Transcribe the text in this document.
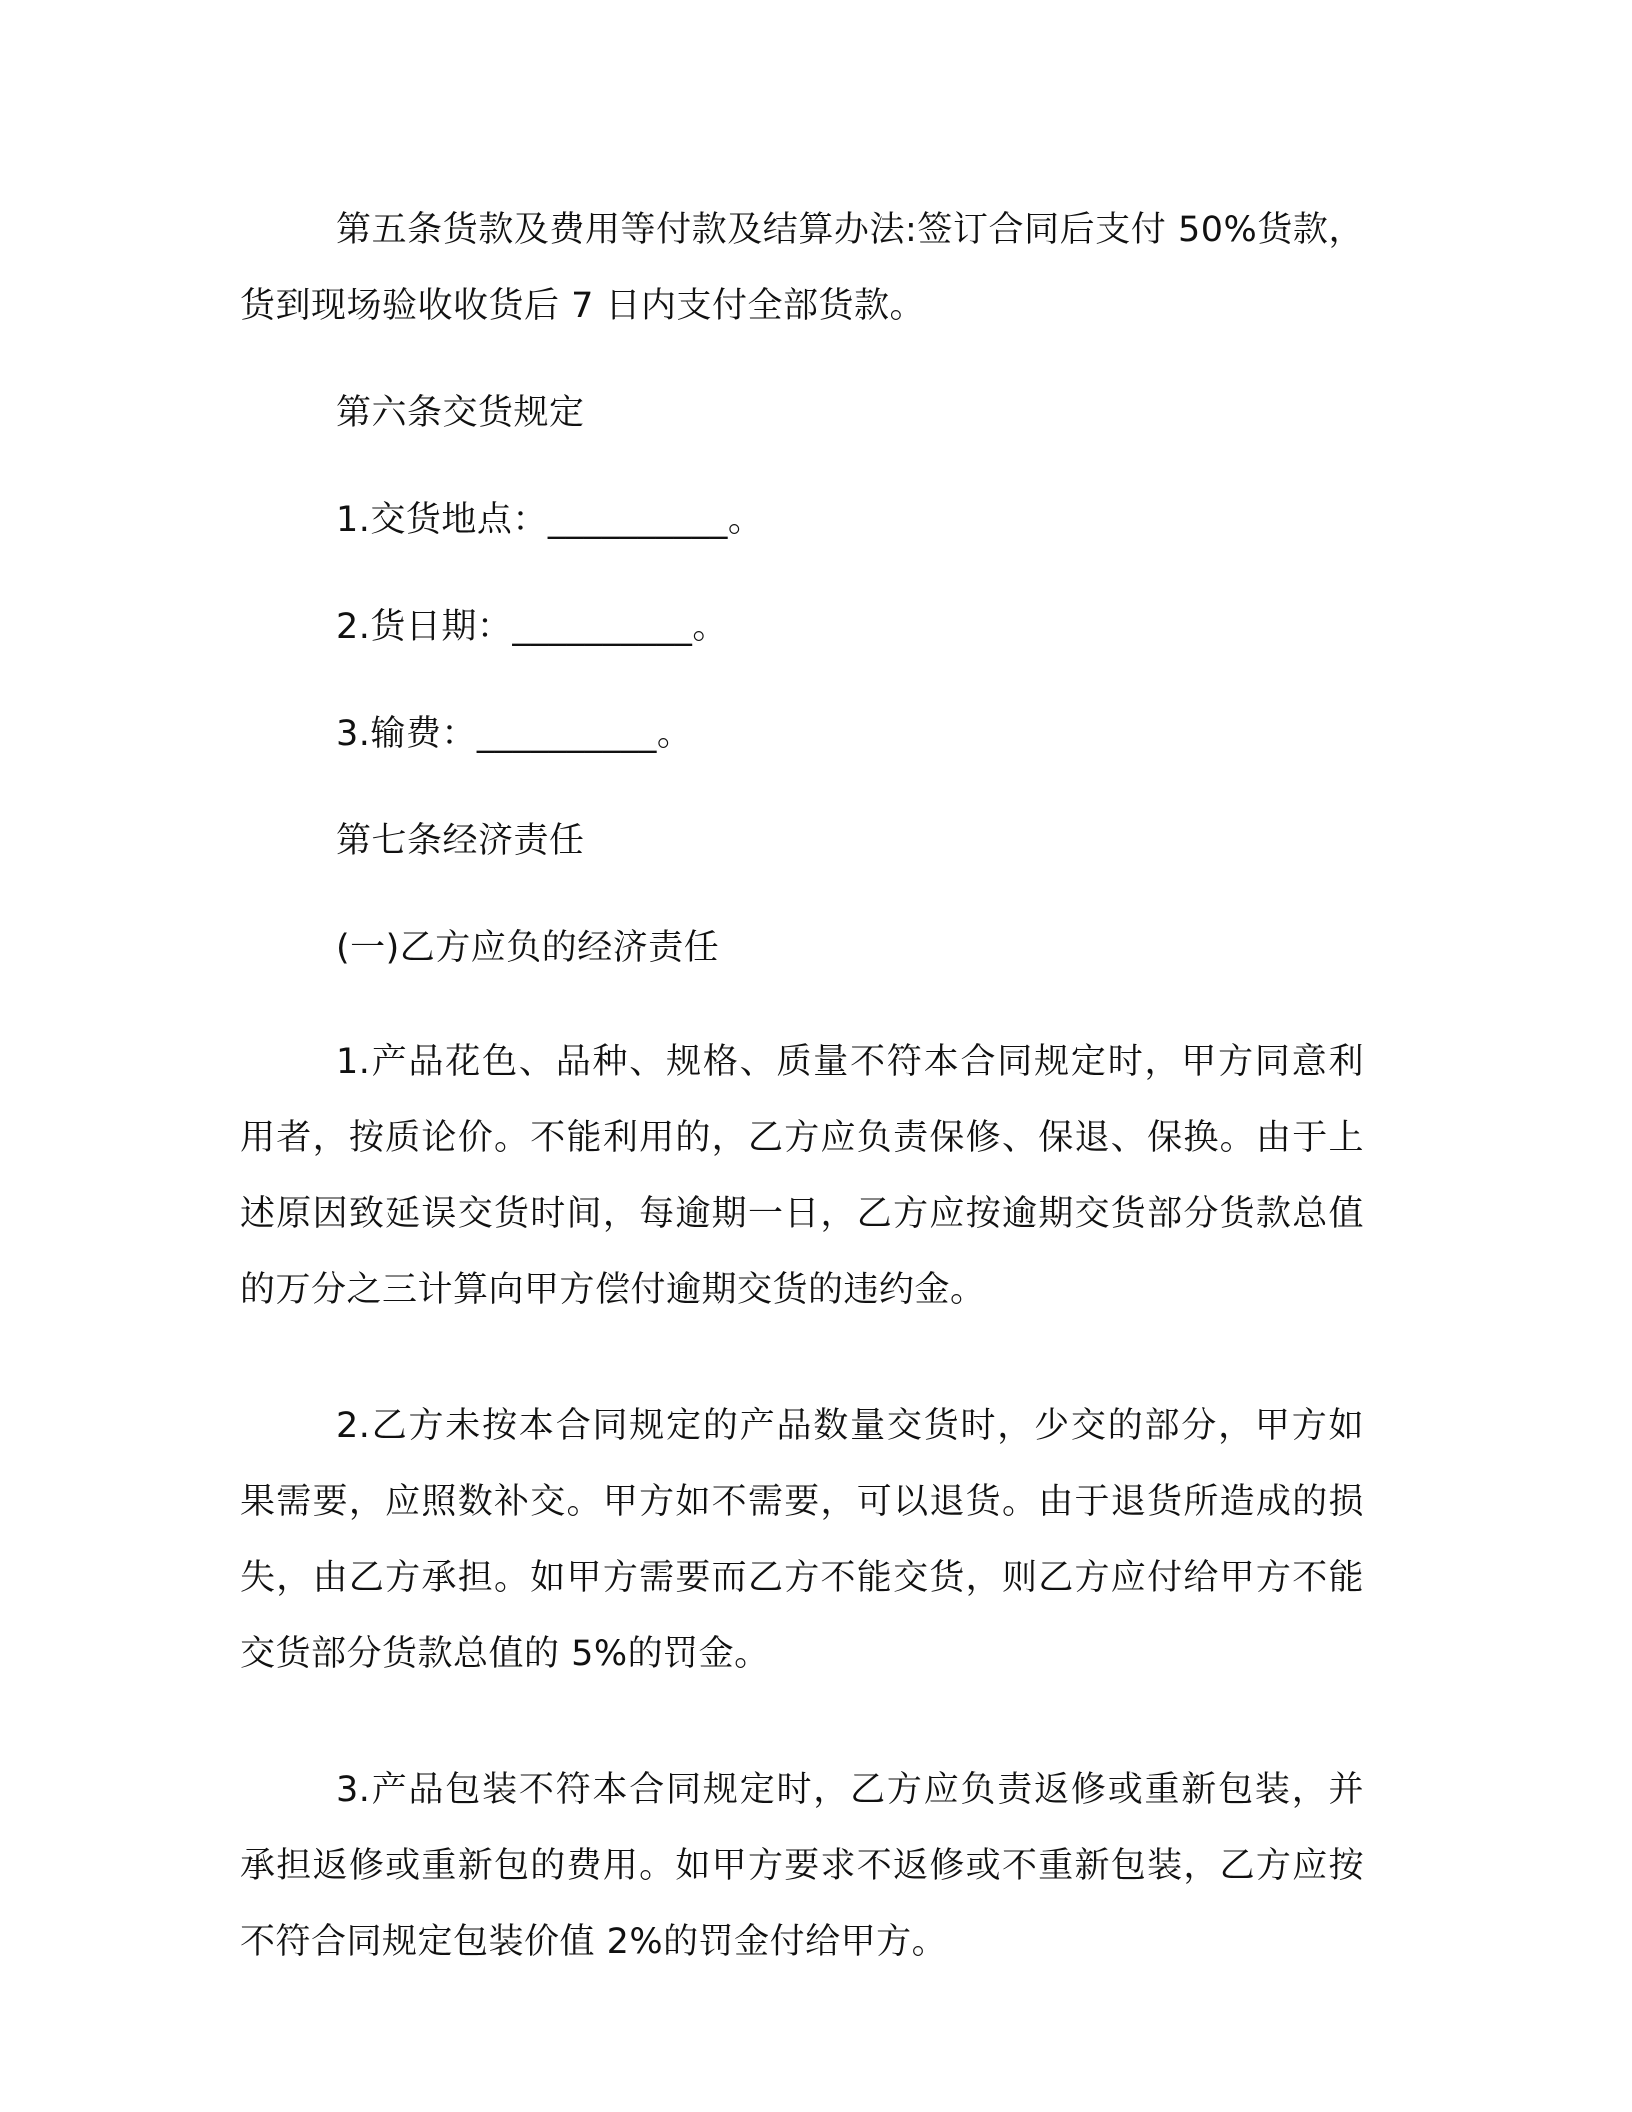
第五条货款及费用等付款及结算办法:签订合同后支付 50%货款，货到现场验收收货后 7 日内支付全部货款。

第六条交货规定

1.交货地点：__________。

2.货日期：__________。

3.输费：__________。

第七条经济责任

(一)乙方应负的经济责任

1.产品花色、品种、规格、质量不符本合同规定时，甲方同意利用者，按质论价。不能利用的，乙方应负责保修、保退、保换。由于上述原因致延误交货时间，每逾期一日，乙方应按逾期交货部分货款总值的万分之三计算向甲方偿付逾期交货的违约金。

2.乙方未按本合同规定的产品数量交货时，少交的部分，甲方如果需要，应照数补交。甲方如不需要，可以退货。由于退货所造成的损失，由乙方承担。如甲方需要而乙方不能交货，则乙方应付给甲方不能交货部分货款总值的 5%的罚金。

3.产品包装不符本合同规定时，乙方应负责返修或重新包装，并承担返修或重新包的费用。如甲方要求不返修或不重新包装，乙方应按不符合同规定包装价值 2%的罚金付给甲方。
